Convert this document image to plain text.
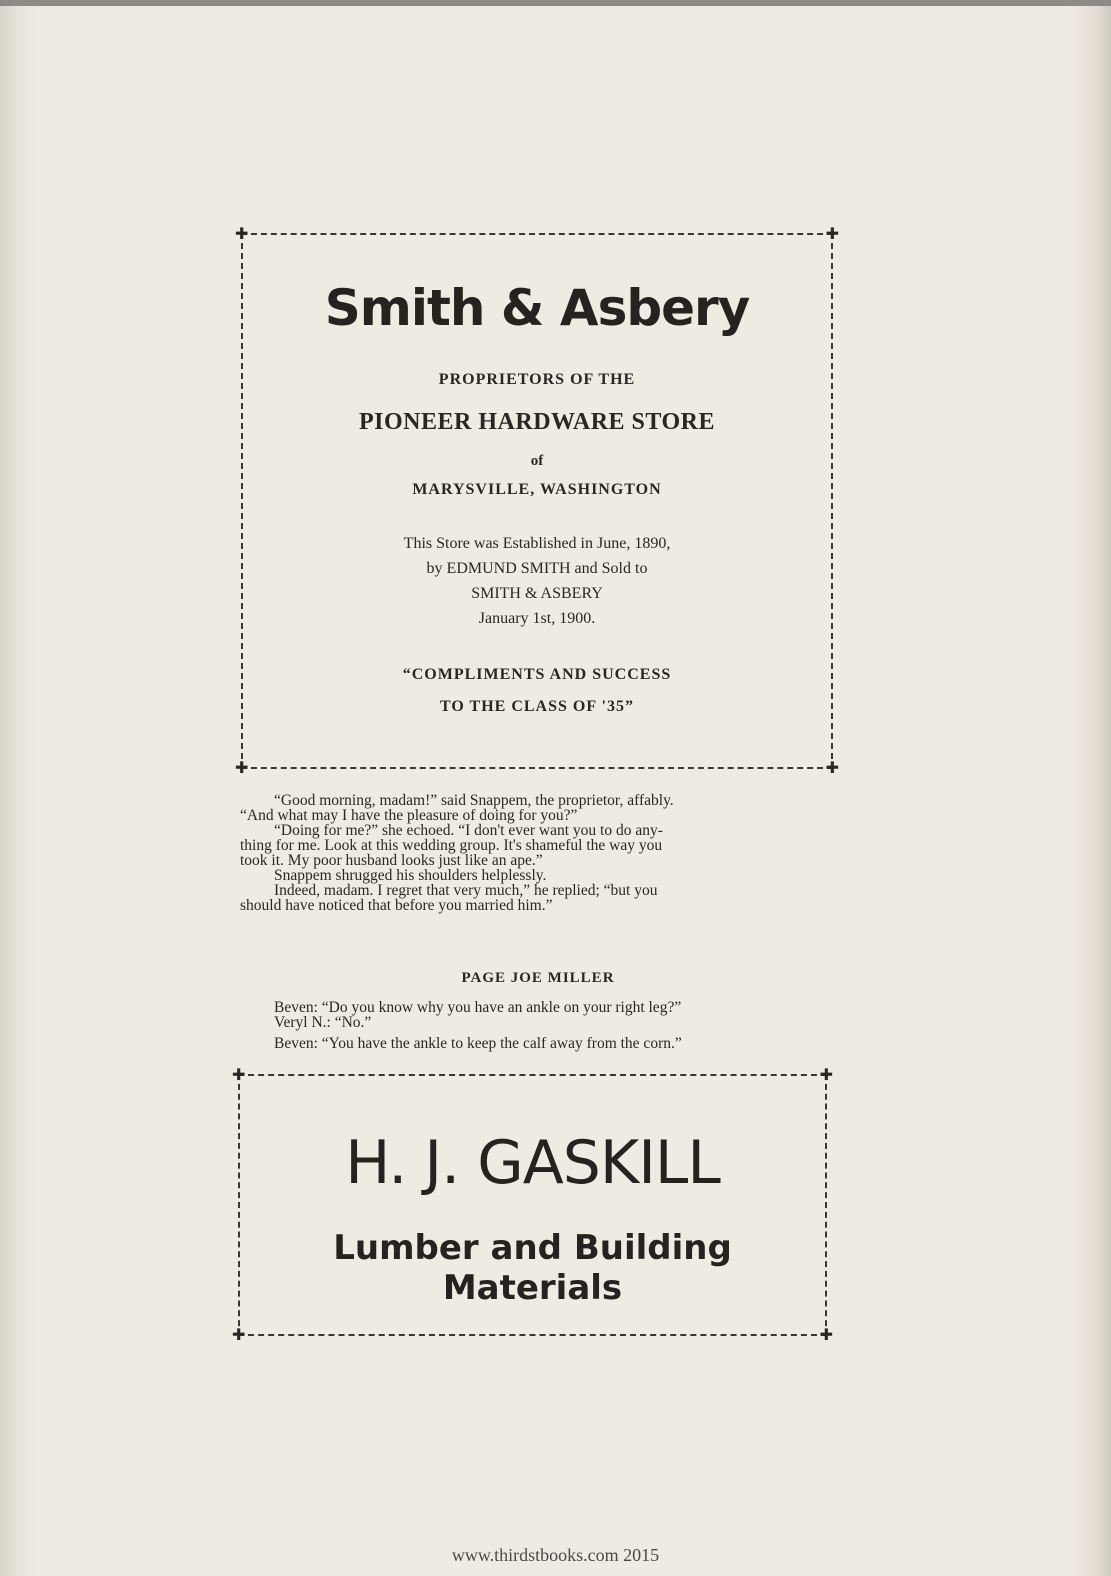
✚	✚
✚	✚
Smith & Asbery
PROPRIETORS OF THE
PIONEER HARDWARE STORE
of
MARYSVILLE, WASHINGTON
This Store was Established in June, 1890,
by EDMUND SMITH and Sold to
SMITH & ASBERY
January 1st, 1900.
“COMPLIMENTS AND SUCCESS
TO THE CLASS OF '35”

“Good morning, madam!” said Snappem, the proprietor, affably.

“And what may I have the pleasure of doing for you?”

“Doing for me?” she echoed. “I don't ever want you to do any-

thing for me. Look at this wedding group. It's shameful the way you

took it. My poor husband looks just like an ape.”

Snappem shrugged his shoulders helplessly.

Indeed, madam. I regret that very much,” he replied; “but you

should have noticed that before you married him.”

PAGE JOE MILLER

Beven: “Do you know why you have an ankle on your right leg?”

Veryl N.: “No.”

Beven: “You have the ankle to keep the calf away from the corn.”

✚	✚
✚	✚
H. J. GASKILL
Lumber and Building Materials
www.thirdstbooks.com 2015
